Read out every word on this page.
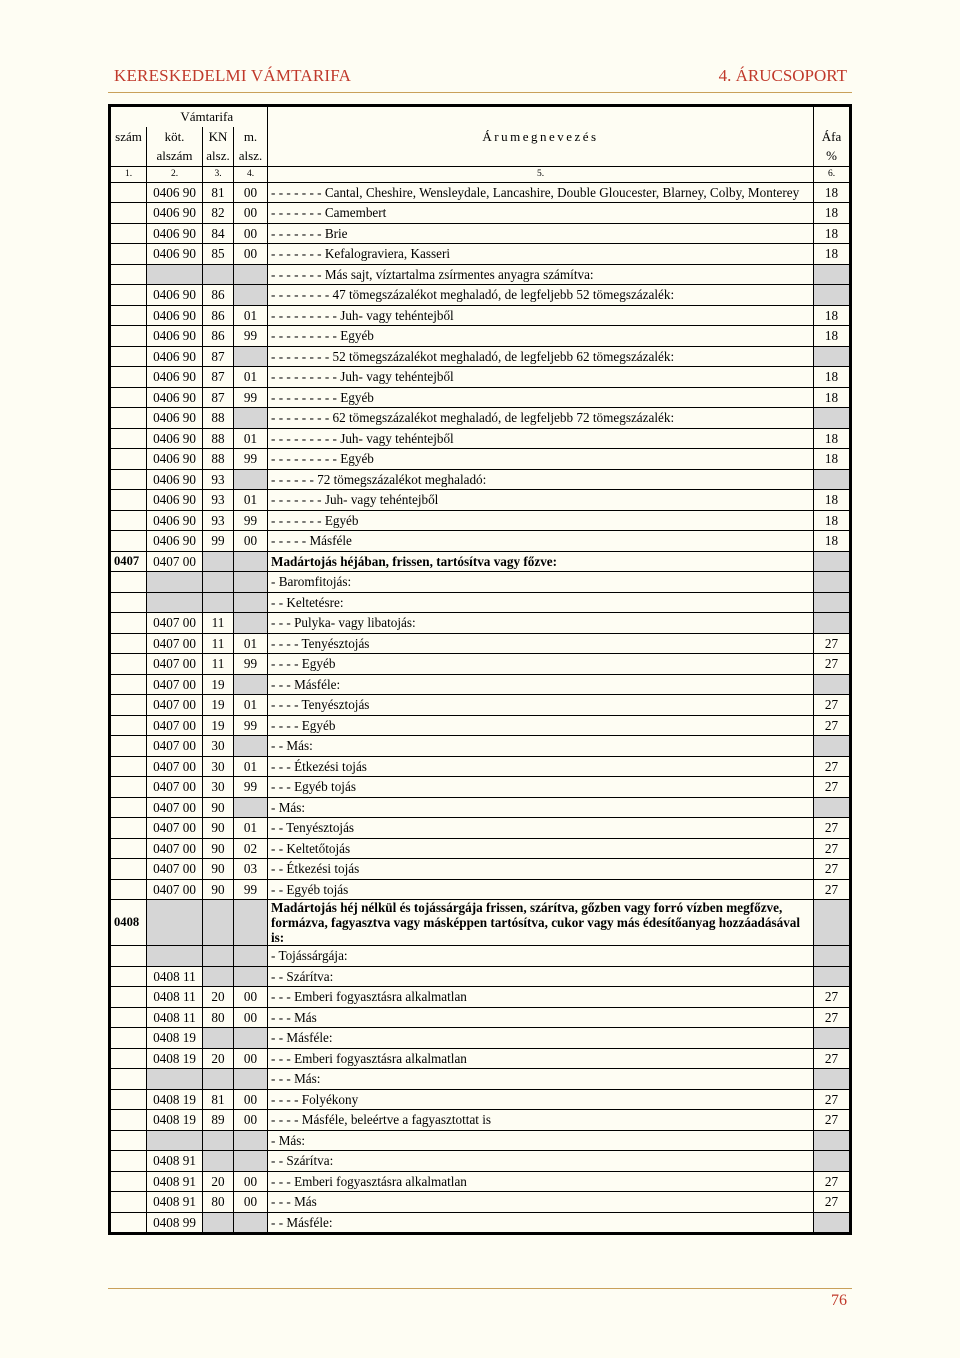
KERESKEDELMI VÁMTARIFA	4. ÁRUCSOPORT
	Vámtarifa				
szám	köt.	KN	m.	Árumegnevezés	Áfa
	alszám	alsz.	alsz.		%
1.	2.	3.	4.	5.	6.
	0406 90	81	00	- - - - - - - Cantal, Cheshire, Wensleydale, Lancashire, Double Gloucester, Blarney, Colby, Monterey	18
	0406 90	82	00	- - - - - - - Camembert	18
	0406 90	84	00	- - - - - - - Brie	18
	0406 90	85	00	- - - - - - - Kefalograviera, Kasseri	18
				- - - - - - - Más sajt, víztartalma zsírmentes anyagra számítva:	
	0406 90	86		- - - - - - - - 47 tömegszázalékot meghaladó, de legfeljebb 52 tömegszázalék:	
	0406 90	86	01	- - - - - - - - - Juh- vagy tehéntejből	18
	0406 90	86	99	- - - - - - - - - Egyéb	18
	0406 90	87		- - - - - - - - 52 tömegszázalékot meghaladó, de legfeljebb 62 tömegszázalék:	
	0406 90	87	01	- - - - - - - - - Juh- vagy tehéntejből	18
	0406 90	87	99	- - - - - - - - - Egyéb	18
	0406 90	88		- - - - - - - - 62 tömegszázalékot meghaladó, de legfeljebb 72 tömegszázalék:	
	0406 90	88	01	- - - - - - - - - Juh- vagy tehéntejből	18
	0406 90	88	99	- - - - - - - - - Egyéb	18
	0406 90	93		- - - - - - 72 tömegszázalékot meghaladó:	
	0406 90	93	01	- - - - - - - Juh- vagy tehéntejből	18
	0406 90	93	99	- - - - - - - Egyéb	18
	0406 90	99	00	- - - - - Másféle	18
0407	0407 00			Madártojás héjában, frissen, tartósítva vagy főzve:	
				- Baromfitojás:	
				- - Keltetésre:	
	0407 00	11		- - - Pulyka- vagy libatojás:	
	0407 00	11	01	- - - - Tenyésztojás	27
	0407 00	11	99	- - - - Egyéb	27
	0407 00	19		- - - Másféle:	
	0407 00	19	01	- - - - Tenyésztojás	27
	0407 00	19	99	- - - - Egyéb	27
	0407 00	30		- - Más:	
	0407 00	30	01	- - - Étkezési tojás	27
	0407 00	30	99	- - - Egyéb tojás	27
	0407 00	90		- Más:	
	0407 00	90	01	- - Tenyésztojás	27
	0407 00	90	02	- - Keltetőtojás	27
	0407 00	90	03	- - Étkezési tojás	27
	0407 00	90	99	- - Egyéb tojás	27
0408				Madártojás héj nélkül és tojássárgája frissen, szárítva, gőzben vagy forró vízben megfőzve, formázva, fagyasztva vagy másképpen tartósítva, cukor vagy más édesítőanyag hozzáadásával is:	
				- Tojássárgája:	
	0408 11			- - Szárítva:	
	0408 11	20	00	- - - Emberi fogyasztásra alkalmatlan	27
	0408 11	80	00	- - - Más	27
	0408 19			- - Másféle:	
	0408 19	20	00	- - - Emberi fogyasztásra alkalmatlan	27
				- - - Más:	
	0408 19	81	00	- - - - Folyékony	27
	0408 19	89	00	- - - - Másféle, beleértve a fagyasztottat is	27
				- Más:	
	0408 91			- - Szárítva:	
	0408 91	20	00	- - - Emberi fogyasztásra alkalmatlan	27
	0408 91	80	00	- - - Más	27
	0408 99			- - Másféle:	
76
